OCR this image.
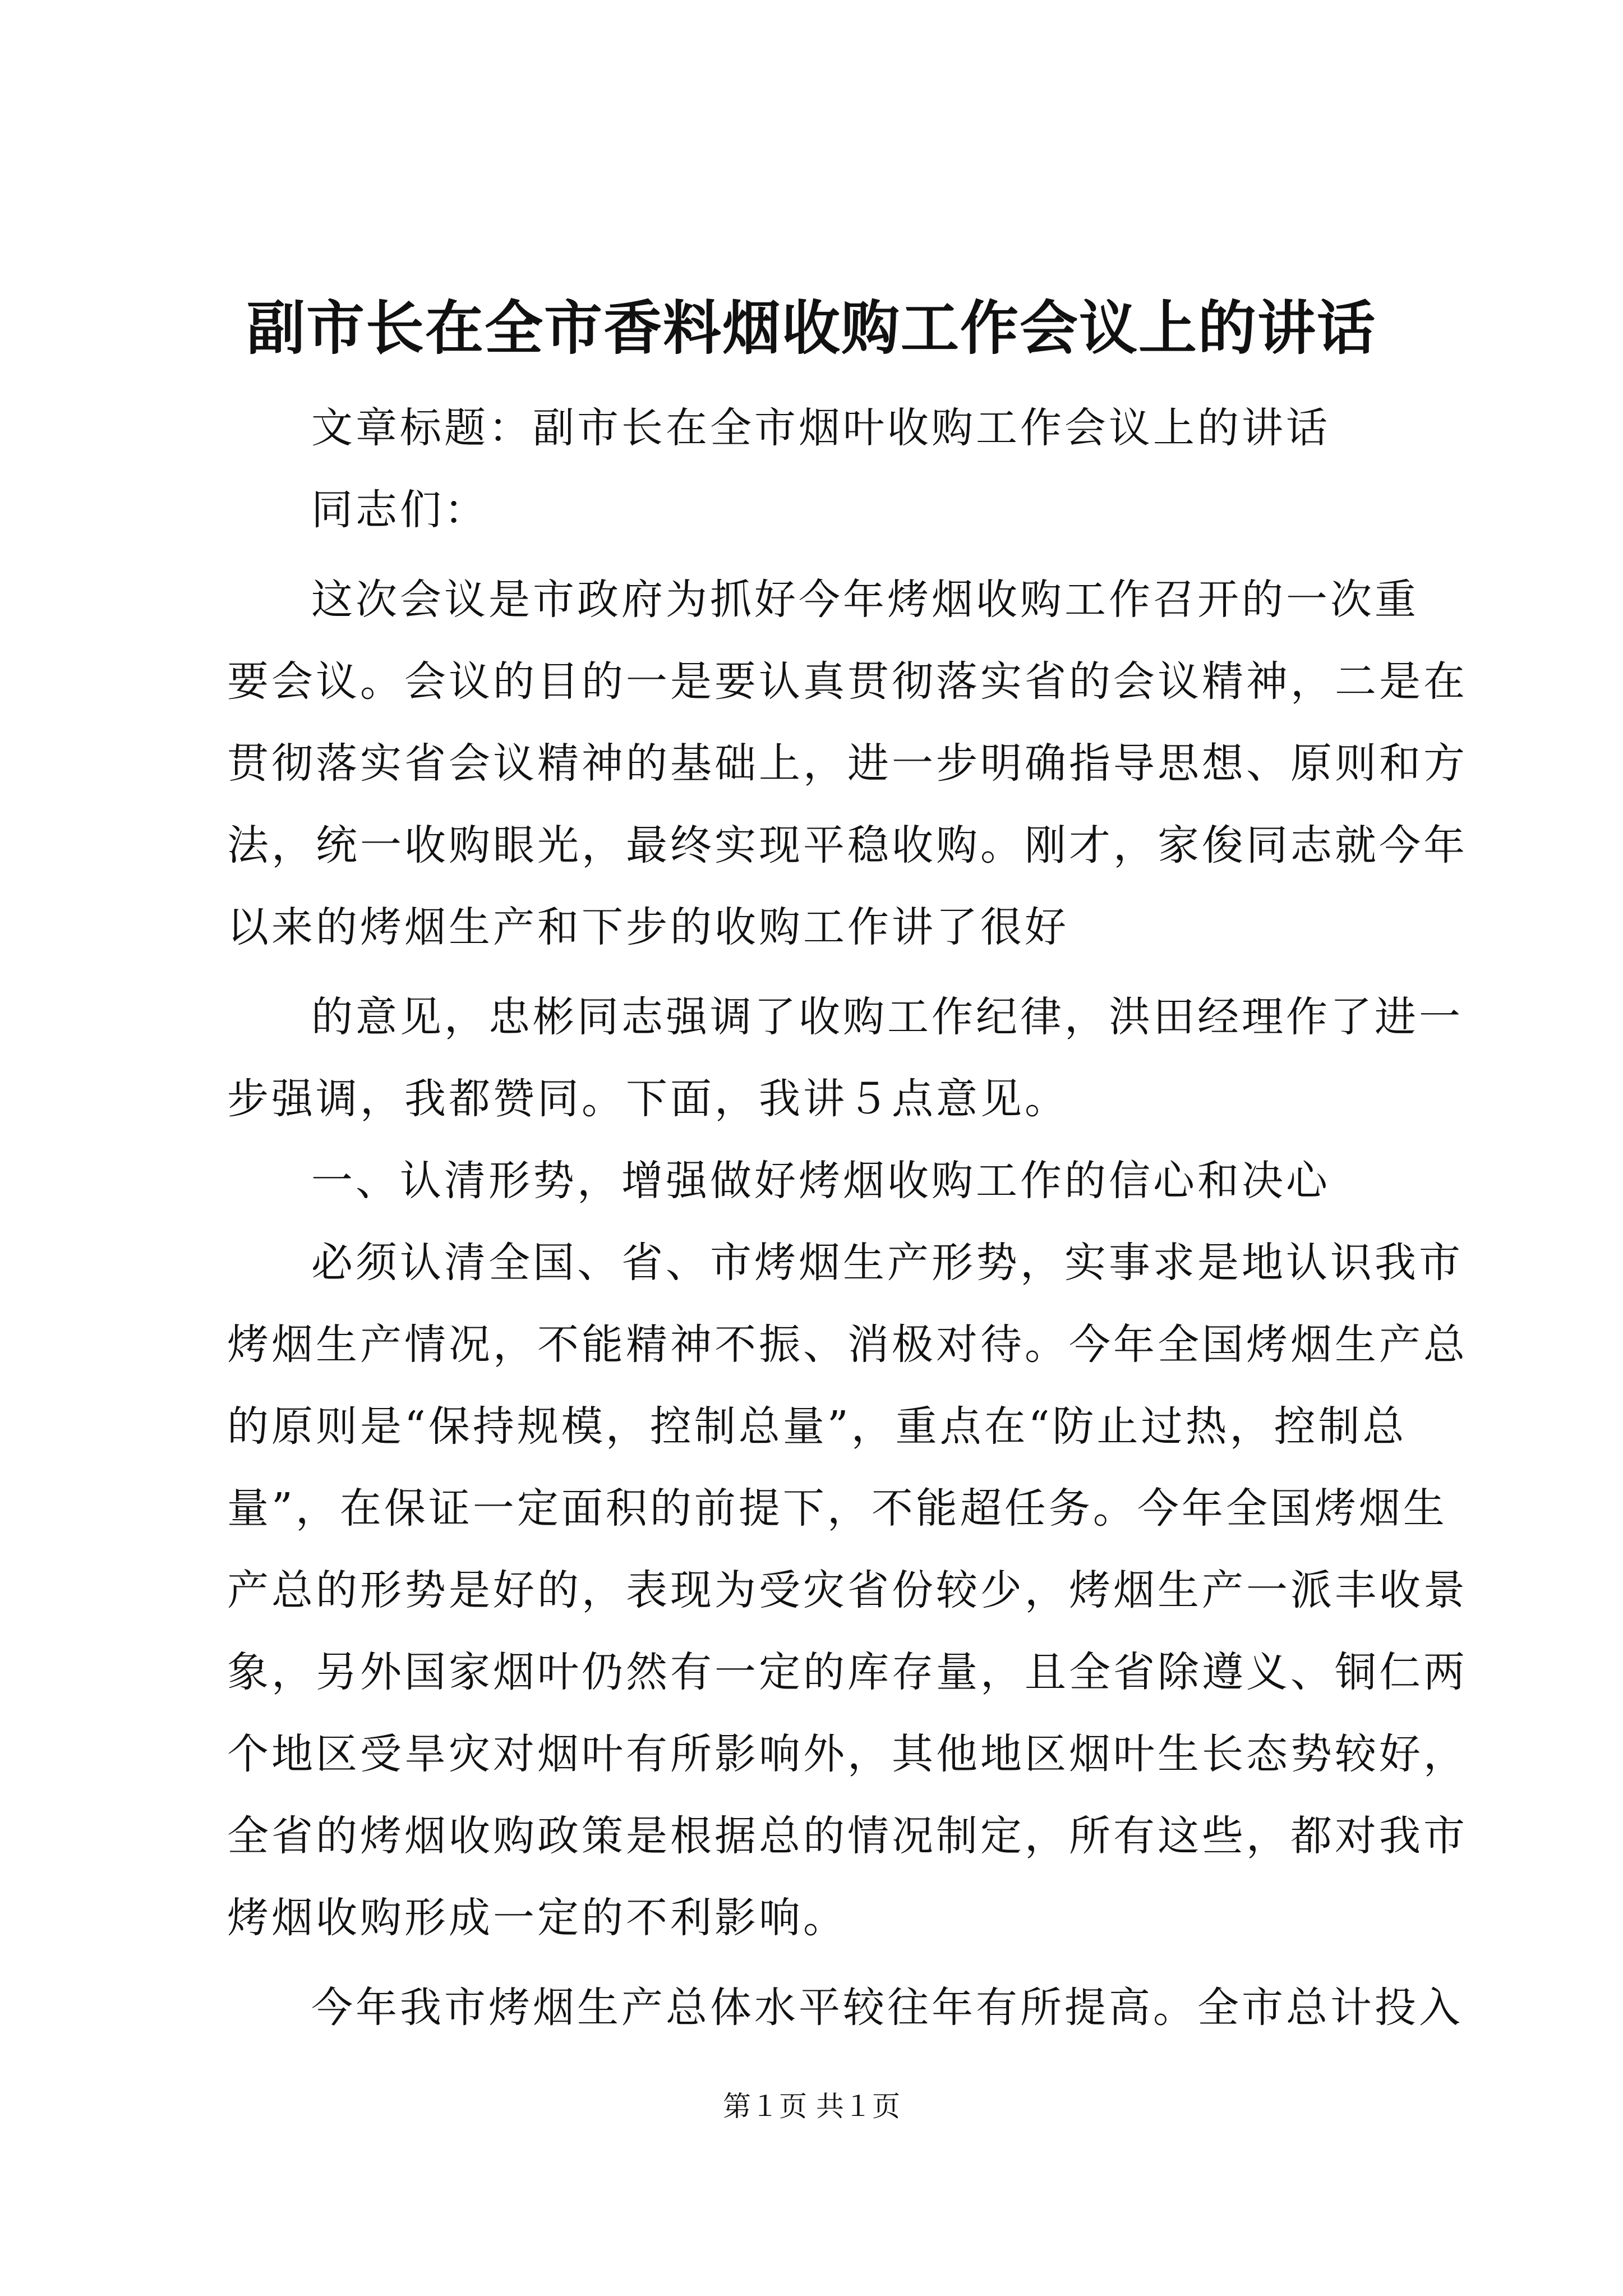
副市长在全市香料烟收购工作会议上的讲话
文章标题：副市长在全市烟叶收购工作会议上的讲话
同志们：
这次会议是市政府为抓好今年烤烟收购工作召开的一次重
要会议。会议的目的一是要认真贯彻落实省的会议精神，二是在
贯彻落实省会议精神的基础上，进一步明确指导思想、原则和方
法，统一收购眼光，最终实现平稳收购。刚才，家俊同志就今年
以来的烤烟生产和下步的收购工作讲了很好
的意见，忠彬同志强调了收购工作纪律，洪田经理作了进一
步强调，我都赞同。下面，我讲５点意见。
一、认清形势，增强做好烤烟收购工作的信心和决心
必须认清全国、省、市烤烟生产形势，实事求是地认识我市
烤烟生产情况，不能精神不振、消极对待。今年全国烤烟生产总
的原则是“保持规模，控制总量”，重点在“防止过热，控制总
量”，在保证一定面积的前提下，不能超任务。今年全国烤烟生
产总的形势是好的，表现为受灾省份较少，烤烟生产一派丰收景
象，另外国家烟叶仍然有一定的库存量，且全省除遵义、铜仁两
个地区受旱灾对烟叶有所影响外，其他地区烟叶生长态势较好，
全省的烤烟收购政策是根据总的情况制定，所有这些，都对我市
烤烟收购形成一定的不利影响。
今年我市烤烟生产总体水平较往年有所提高。全市总计投入
第１页 共１页
